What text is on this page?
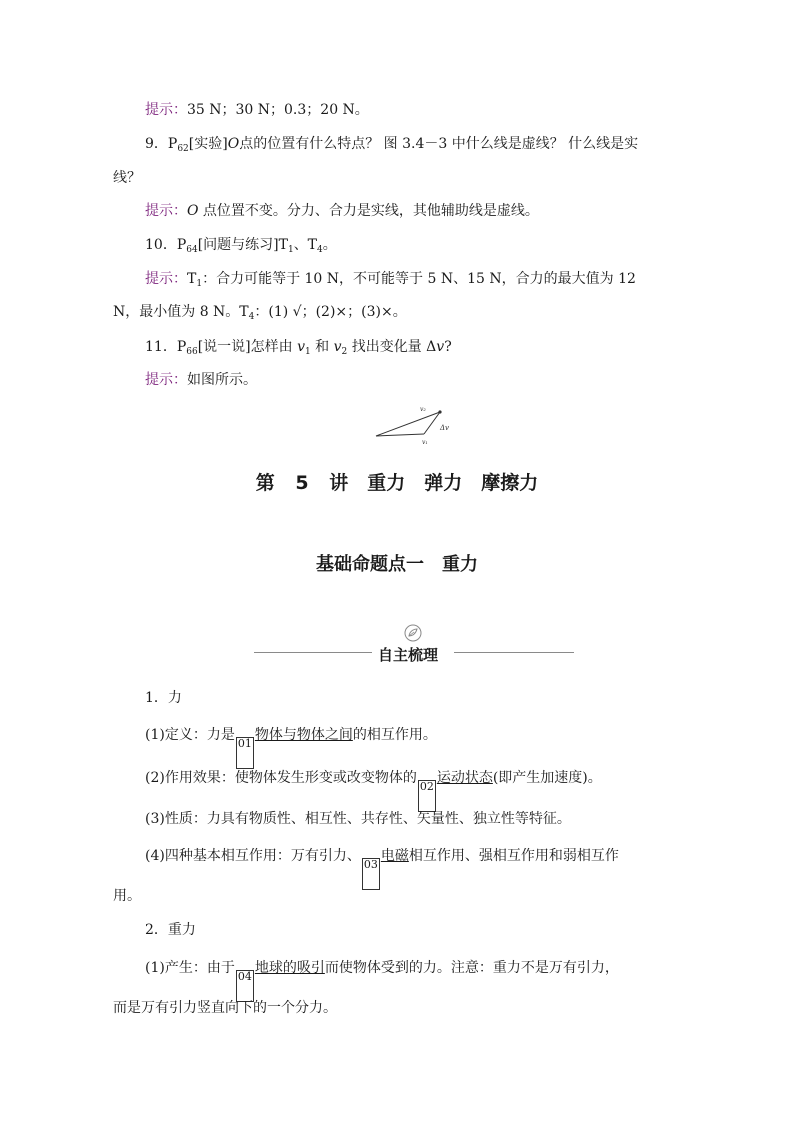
提示：35 N；30 N；0.3；20 N。
9．$P_{62}$[实验]O点的位置有什么特点？ 图 3.4－3 中什么线是虚线？ 什么线是实
线？
提示：O 点位置不变。分力、合力是实线，其他辅助线是虚线。
10．$P_{64}$[问题与练习]$T_1$、$T_4$。
提示：$T_1$：合力可能等于 10 N，不可能等于 5 N、15 N，合力的最大值为 12
N，最小值为 8 N。$T_4$：(1) √；(2)×；(3)×。
11．$P_{66}$[说一说]怎样由 $v_1$ 和 $v_2$ 找出变化量 Δv?
提示：如图所示。
v₂
v₁
Δv
第 5 讲　重力　弹力　摩擦力
基础命题点一　重力
自主梳理
1．力
(1)定义：力是01物体与物体之间的相互作用。
(2)作用效果：使物体发生形变或改变物体的02运动状态(即产生加速度)。
(3)性质：力具有物质性、相互性、共存性、矢量性、独立性等特征。
(4)四种基本相互作用：万有引力、03电磁相互作用、强相互作用和弱相互作
用。
2．重力
(1)产生：由于04地球的吸引而使物体受到的力。注意：重力不是万有引力，
而是万有引力竖直向下的一个分力。
